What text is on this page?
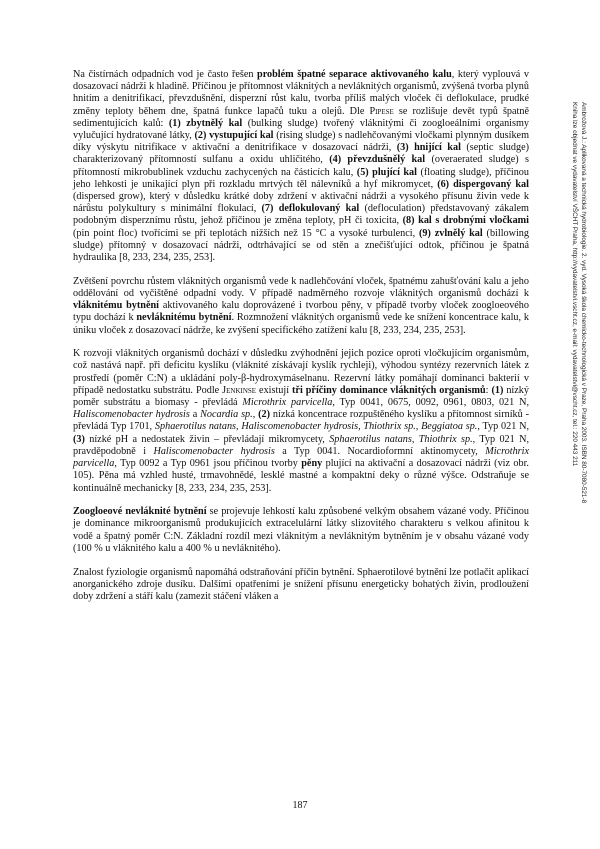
Ambrožová J.: Aplikovaná a technická hydrobiologie. 2. vyd. Vysoká škola chemicko-technologická v Praze, Praha 2003. ISBN 80-7080-521-8
Kniha lze objednat ve vydavatelství VŠCHT Praha, http://vydavatelstvi.vscht.cz, e-mail: vydavatelstvi@vscht.cz, tel.: 220 443 211

Na čistírnách odpadních vod je často řešen problém špatné separace aktivovaného kalu, který vyplouvá v dosazovací nádrži k hladině. Příčinou je přítomnost vláknitých a nevláknitých organismů, zvýšená tvorba plynů hnitím a denitrifikací, převzdušnění, disperzní růst kalu, tvorba příliš malých vloček či deflokulace, prudké změny teploty během dne, špatná funkce lapačů tuku a olejů. Dle Pipese se rozlišuje devět typů špatně sedimentujících kalů: (1) zbytnělý kal (bulking sludge) tvořený vláknitými či zoogloeálními organismy vylučující hydratované látky, (2) vystupující kal (rising sludge) s nadlehčovanými vločkami plynným dusíkem díky výskytu nitrifikace v aktivační a denitrifikace v dosazovací nádrži, (3) hnijící kal (septic sludge) charakterizovaný přítomností sulfanu a oxidu uhličitého, (4) převzdušnělý kal (overaerated sludge) s přítomností mikrobublinek vzduchu zachycených na částicích kalu, (5) plující kal (floating sludge), příčinou jeho lehkosti je unikající plyn při rozkladu mrtvých těl nálevníků a hyf mikromycet, (6) dispergovaný kal (dispersed grow), který v důsledku krátké doby zdržení v aktivační nádrži a vysokého přísunu živin vede k nárůstu polykultury s minimální flokulací, (7) deflokulovaný kal (defloculation) představovaný zákalem podobným disperznímu růstu, jehož příčinou je změna teploty, pH či toxicita, (8) kal s drobnými vločkami (pin point floc) tvořícími se při teplotách nižších než 15 °C a vysoké turbulenci, (9) zvlnělý kal (billowing sludge) přítomný v dosazovací nádrži, odtrhávající se od stěn a znečišťující odtok, příčinou je špatná hydraulika [8, 233, 234, 235, 253].

Zvětšení povrchu růstem vláknitých organismů vede k nadlehčování vloček, špatnému zahušťování kalu a jeho oddělování od vyčištěné odpadní vody. V případě nadměrného rozvoje vláknitých organismů dochází k vláknitému bytnění aktivovaného kalu doprovázené i tvorbou pěny, v případě tvorby vloček zoogloeového typu dochází k nevláknitému bytnění. Rozmnožení vláknitých organismů vede ke snížení koncentrace kalu, k úniku vloček z dosazovací nádrže, ke zvýšení specifického zatížení kalu [8, 233, 234, 235, 253].

K rozvoji vláknitých organismů dochází v důsledku zvýhodnění jejich pozice oproti vločkujícím organismům, což nastává např. při deficitu kyslíku (vláknité získávají kyslík rychleji), výhodou syntézy rezervních látek z prostředí (poměr C:N) a ukládání poly-β-hydroxymáselnanu. Rezervní látky pomáhají dominanci bakterií v případě nedostatku substrátu. Podle Jenkinse existují tři příčiny dominance vláknitých organismů: (1) nízký poměr substrátu a biomasy - převládá Microthrix parvicella, Typ 0041, 0675, 0092, 0961, 0803, 021 N, Haliscomenobacter hydrosis a Nocardia sp., (2) nízká koncentrace rozpuštěného kyslíku a přítomnost sirníků - převládá Typ 1701, Sphaerotilus natans, Haliscomenobacter hydrosis, Thiothrix sp., Beggiatoa sp., Typ 021 N, (3) nízké pH a nedostatek živin – převládají mikromycety, Sphaerotilus natans, Thiothrix sp., Typ 021 N, pravděpodobně i Haliscomenobacter hydrosis a Typ 0041. Nocardioformní aktinomycety, Microthrix parvicella, Typ 0092 a Typ 0961 jsou příčinou tvorby pěny plující na aktivační a dosazovací nádrži (viz obr. 105). Pěna má vzhled husté, trmavohnědé, lesklé mastné a kompaktní deky o různé výšce. Odstraňuje se kontinuálně mechanicky [8, 233, 234, 235, 253].

Zoogloeové nevláknité bytnění se projevuje lehkostí kalu způsobené velkým obsahem vázané vody. Příčinou je dominance mikroorganismů produkujících extracelulární látky slizovitého charakteru s velkou afinitou k vodě a špatný poměr C:N. Základní rozdíl mezi vláknitým a nevláknitým bytněním je v obsahu vázané vody (100 % u vláknitého kalu a 400 % u nevláknitého).

Znalost fyziologie organismů napomáhá odstraňování příčin bytnění. Sphaerotilové bytnění lze potlačit aplikací anorganického zdroje dusíku. Dalšími opatřeními je snížení přísunu energeticky bohatých živin, prodloužení doby zdržení a stáří kalu (zamezit stáčení vláken a

187
